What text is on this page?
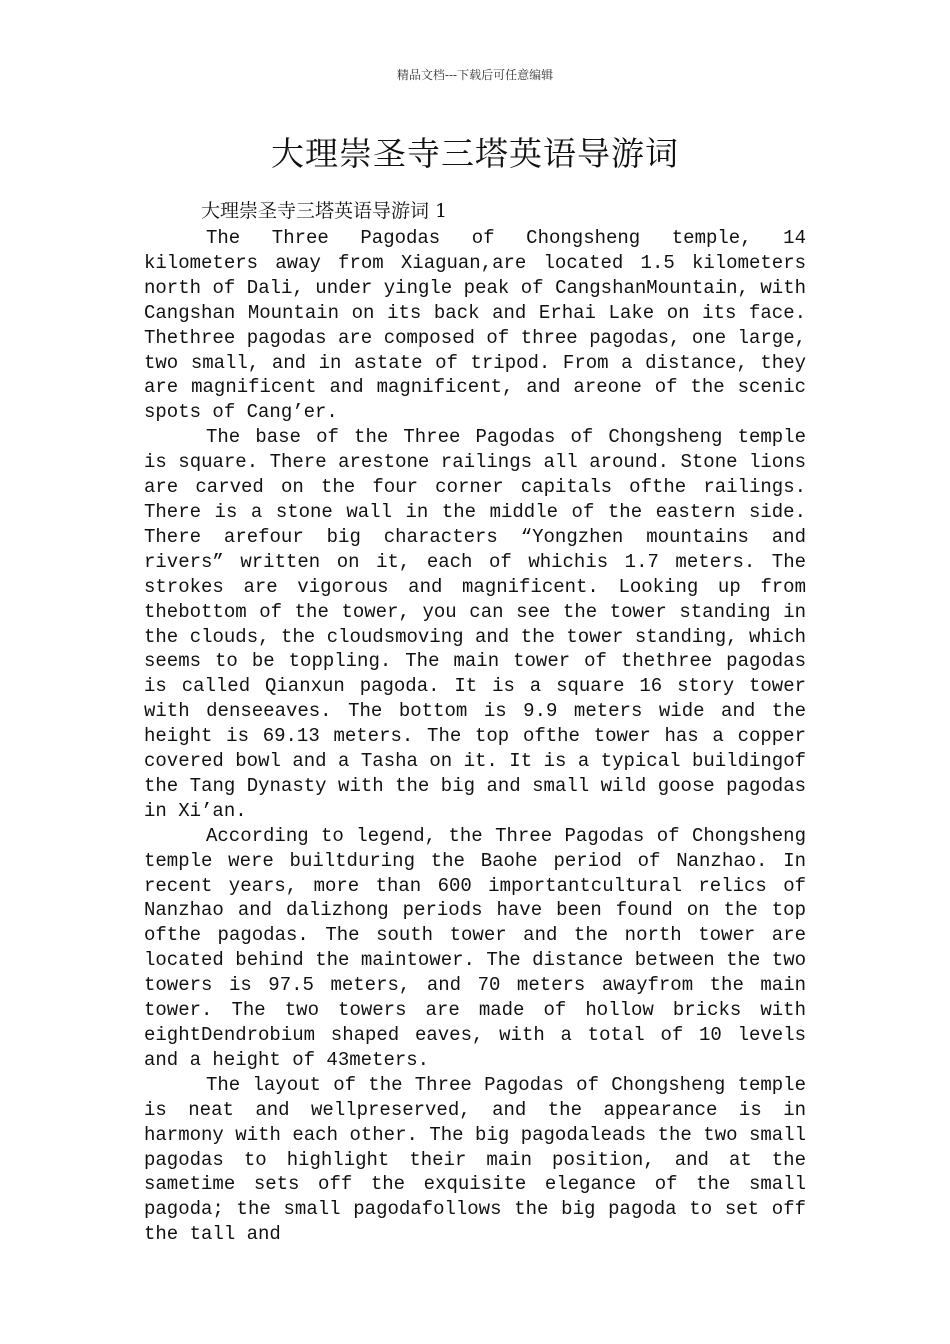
精品文档---下载后可任意编辑
大理崇圣寺三塔英语导游词

大理崇圣寺三塔英语导游词 1

The Three Pagodas of Chongsheng temple, 14 kilometers away from Xiaguan,are located 1.5 kilometers north of Dali, under yingle peak of CangshanMountain, with Cangshan Mountain on its back and Erhai Lake on its face. Thethree pagodas are composed of three pagodas, one large, two small, and in astate of tripod. From a distance, they are magnificent and magnificent, and areone of the scenic spots of Cang’er.

The base of the Three Pagodas of Chongsheng temple is square. There arestone railings all around. Stone lions are carved on the four corner capitals ofthe railings. There is a stone wall in the middle of the eastern side. There arefour big characters “Yongzhen mountains and rivers” written on it, each of whichis 1.7 meters. The strokes are vigorous and magnificent. Looking up from thebottom of the tower, you can see the tower standing in the clouds, the cloudsmoving and the tower standing, which seems to be toppling. The main tower of thethree pagodas is called Qianxun pagoda. It is a square 16 story tower with denseeaves. The bottom is 9.9 meters wide and the height is 69.13 meters. The top ofthe tower has a copper covered bowl and a Tasha on it. It is a typical buildingof the Tang Dynasty with the big and small wild goose pagodas in Xi’an.

According to legend, the Three Pagodas of Chongsheng temple were builtduring the Baohe period of Nanzhao. In recent years, more than 600 importantcultural relics of Nanzhao and dalizhong periods have been found on the top ofthe pagodas. The south tower and the north tower are located behind the maintower. The distance between the two towers is 97.5 meters, and 70 meters awayfrom the main tower. The two towers are made of hollow bricks with eightDendrobium shaped eaves, with a total of 10 levels and a height of 43meters.

The layout of the Three Pagodas of Chongsheng temple is neat and wellpreserved, and the appearance is in harmony with each other. The big pagodaleads the two small pagodas to highlight their main position, and at the sametime sets off the exquisite elegance of the small pagoda; the small pagodafollows the big pagoda to set off the tall and
